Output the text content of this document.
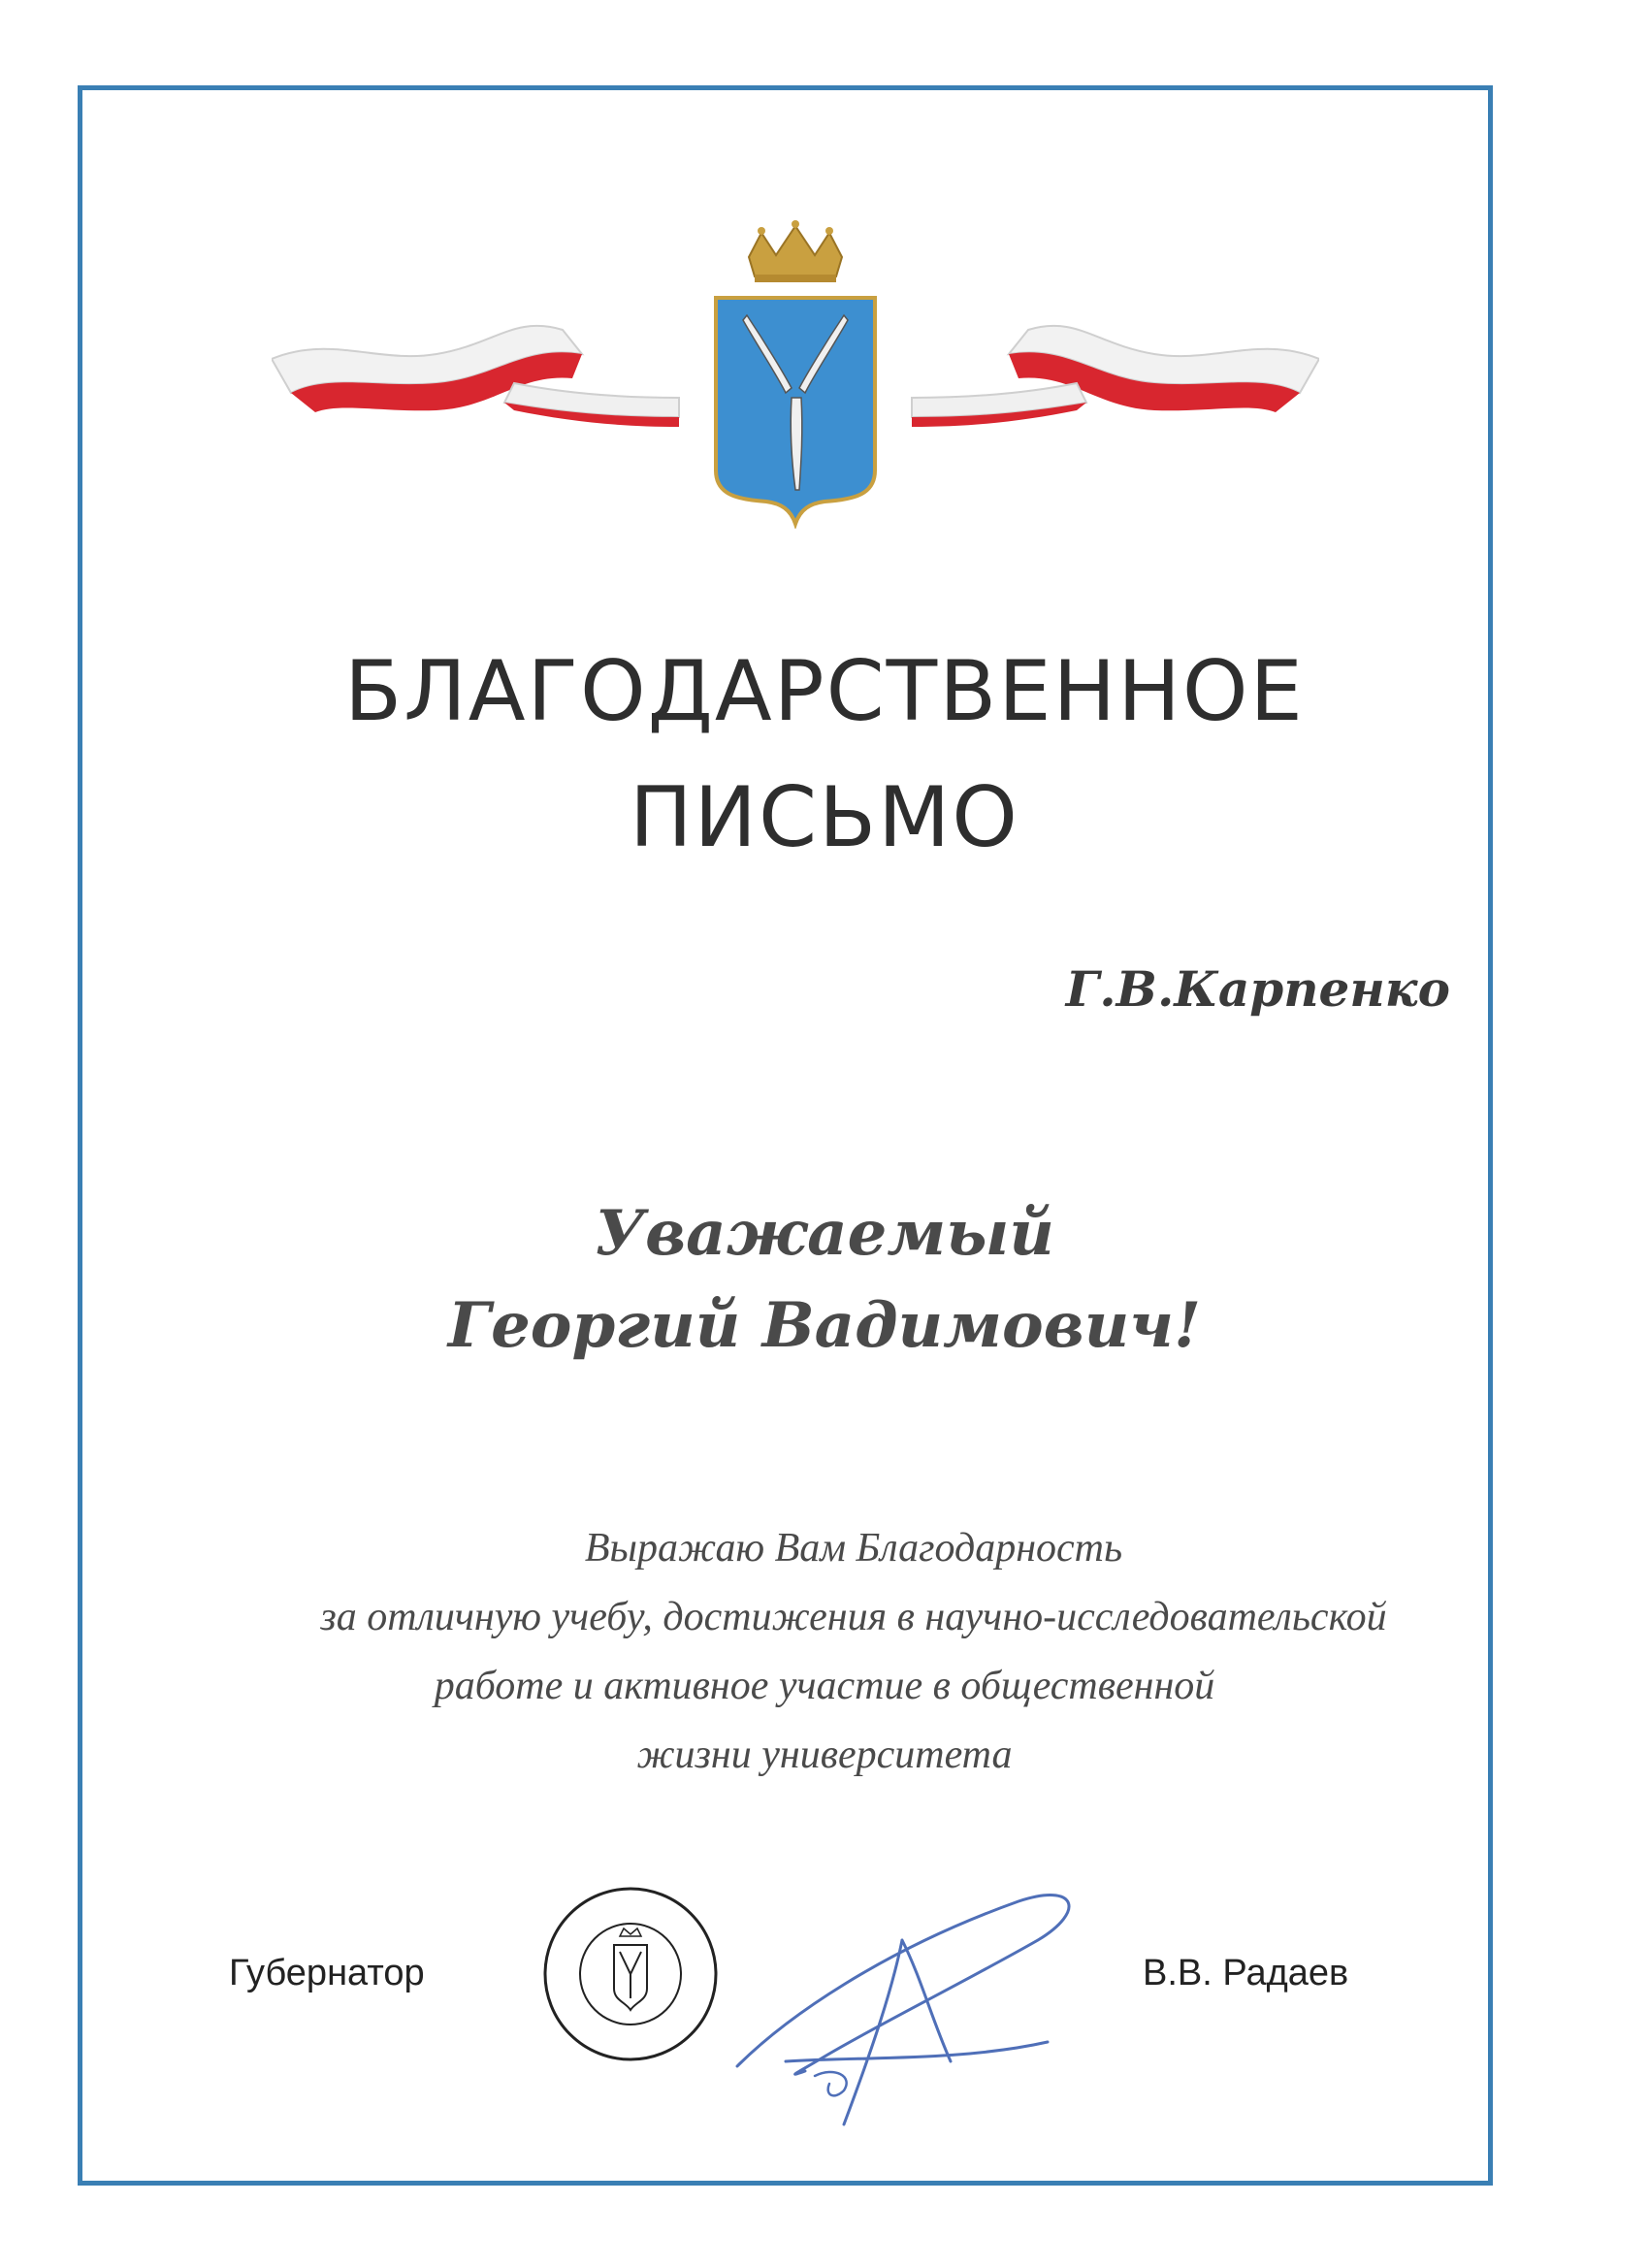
БЛАГОДАРСТВЕННОЕ
ПИСЬМО
Г.В.Карпенко
Уважаемый
Георгий Вадимович!
Выражаю Вам Благодарность
за отличную учебу, достижения в научно-исследовательской
работе и активное участие в общественной
жизни университета
Губернатор	В.В. Радаев
